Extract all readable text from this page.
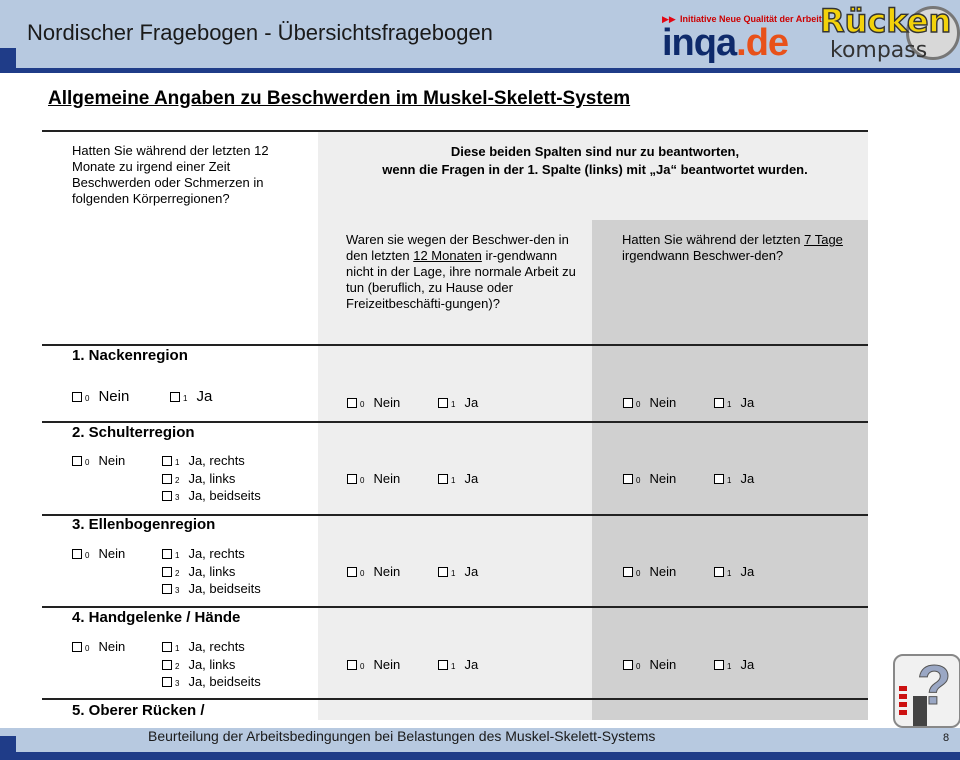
Nordischer Fragebogen - Übersichtsfragebogen
▶▶ Initiative Neue Qualität der Arbeit
inqa.de
Rücken
kompass
Allgemeine Angaben zu Beschwerden im Muskel-Skelett-System
Hatten Sie während der letzten 12 Monate zu irgend einer Zeit Beschwerden oder Schmerzen in folgenden Körperregionen?
Diese beiden Spalten sind nur zu beantworten,
wenn die Fragen in der 1. Spalte (links) mit „Ja“ beantwortet wurden.
Waren sie wegen der Beschwer-den in den letzten 12 Monaten ir-gendwann nicht in der Lage, ihre normale Arbeit zu tun (beruflich, zu Hause oder Freizeitbeschäfti-gungen)?
Hatten Sie während der letzten 7 Tage irgendwann Beschwer-den?
1. Nackenregion
0 Nein	1 Ja	0 Nein	1 Ja	0 Nein	1 Ja
2. Schulterregion
0 Nein	1 Ja, rechts
2 Ja, links
3 Ja, beidseits
0 Nein	1 Ja	0 Nein	1 Ja
3. Ellenbogenregion
0 Nein	1 Ja, rechts
2 Ja, links
3 Ja, beidseits
0 Nein	1 Ja	0 Nein	1 Ja
4. Handgelenke / Hände
0 Nein	1 Ja, rechts
2 Ja, links
3 Ja, beidseits
0 Nein	1 Ja	0 Nein	1 Ja
5. Oberer Rücken /	?
Beurteilung der Arbeitsbedingungen bei Belastungen des Muskel-Skelett-Systems	8
